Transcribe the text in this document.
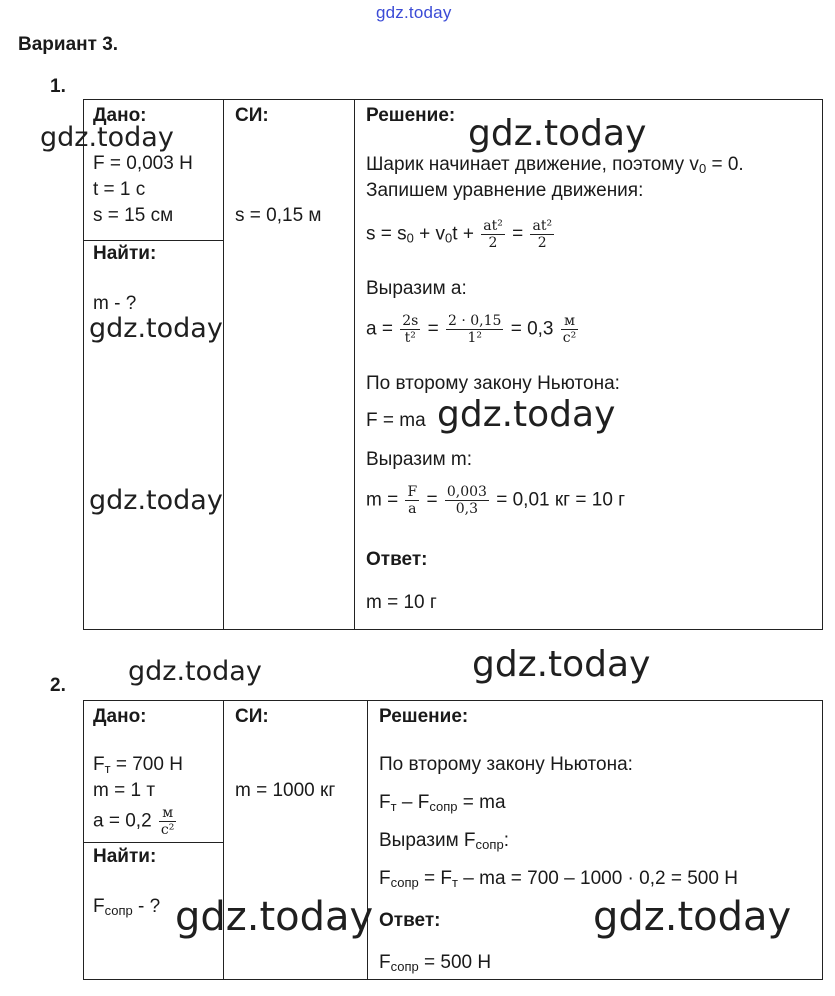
gdz.today
Вариант 3.
1.
Дано:
F = 0,003 Н
t = 1 с
s = 15 см
Найти:
m - ?
СИ:
s = 0,15 м
Решение:
Шарик начинает движение, поэтому $v_0 = 0$.
Запишем уравнение движения:
$s = s_0 + v_0t + \frac{\text{at²}}{2} = \frac{\text{at²}}{2}$
Выразим a:
$a = \frac{2s}{\text{t²}} = \frac{2 \cdot 0,15}{\text{1²}} = 0,3 \frac{м}{\text{с²}}$
По второму закону Ньютона:
F = ma
Выразим m:
$m = \frac{F}{a} = \frac{0,003}{0,3} = 0,01$ кг = 10 г
Ответ:
m = 10 г
2.
Дано:
$F_т = 700$ Н
m = 1 т
$a = 0,2 \frac{м}{\text{с²}}$
Найти:
$F_{сопр}$ - ?
СИ:
m = 1000 кг
Решение:
По второму закону Ньютона:
$F_т - F_{сопр}$ = ma
Выразим $F_{сопр}$:
$F_{сопр} = F_т$ – ma = 700 – 1000 · 0,2 = 500 Н
Ответ:
$F_{сопр} = 500$ Н
gdz.today	gdz.today
gdz.today
gdz.today
gdz.today
gdz.today	gdz.today
gdz.today	gdz.today
